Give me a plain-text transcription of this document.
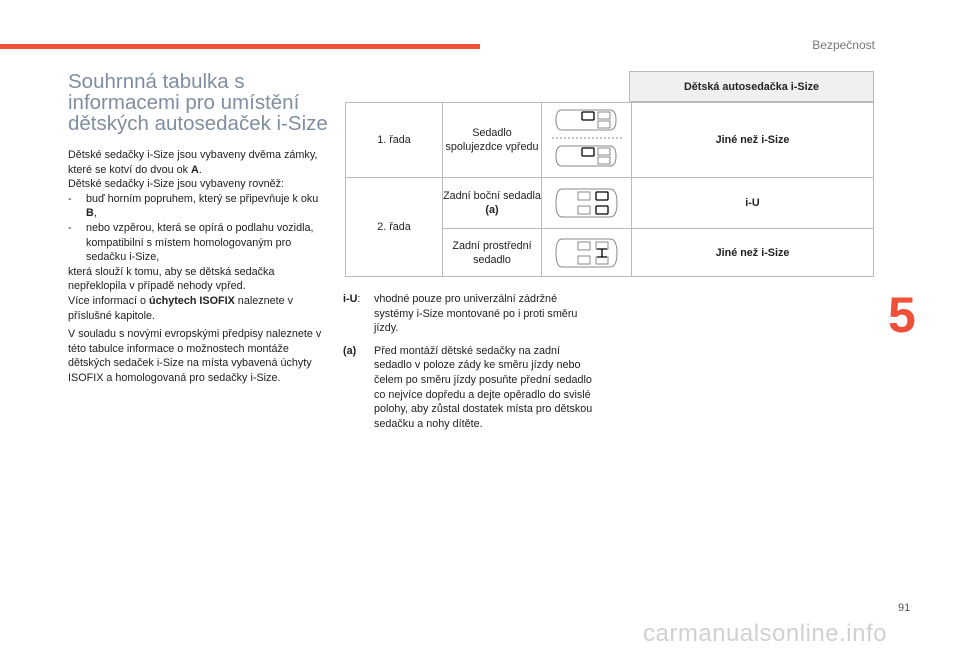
Bezpečnost
5
Souhrnná tabulka s informacemi pro umístění dětských autosedaček i-Size

Dětské sedačky i-Size jsou vybaveny dvěma zámky, které se kotví do dvou ok A.

Dětské sedačky i-Size jsou vybaveny rovněž:

-	buď horním popruhem, který se připevňuje k oku B,
-	nebo vzpěrou, která se opírá o podlahu vozidla, kompatibilní s místem homologovaným pro sedačku i-Size,

která slouží k tomu, aby se dětská sedačka nepřeklopila v případě nehody vpřed.

Více informací o úchytech ISOFIX naleznete v příslušné kapitole.

V souladu s novými evropskými předpisy naleznete v této tabulce informace o možnostech montáže dětských sedaček i-Size na místa vybavená úchyty ISOFIX a homologovaná pro sedačky i-Size.
Dětská autosedačka i-Size
1. řada	Sedadlo spolujezdce vpředu		Jiné než i-Size
2. řada	Zadní boční sedadla (a)		i-U
	Zadní prostřední sedadlo		Jiné než i-Size
i-U:	vhodné pouze pro univerzální zádržné systémy i-Size montované po i proti směru jízdy.
(a)	Před montáží dětské sedačky na zadní sedadlo v poloze zády ke směru jízdy nebo čelem po směru jízdy posuňte přední sedadlo co nejvíce dopředu a dejte opěradlo do svislé polohy, aby zůstal dostatek místa pro dětskou sedačku a nohy dítěte.
91
carmanualsonline.info
